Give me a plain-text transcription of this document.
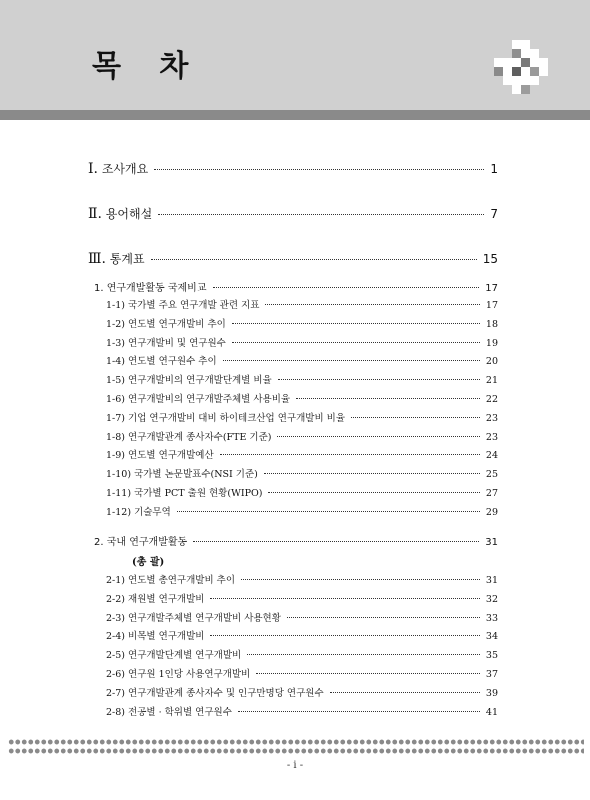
목 차
Ⅰ. 조사개요	1
Ⅱ. 용어해설	7
Ⅲ. 통계표	15
1. 연구개발활동 국제비교	17
1-1) 국가별 주요 연구개발 관련 지표	17
1-2) 연도별 연구개발비 추이	18
1-3) 연구개발비 및 연구원수	19
1-4) 연도별 연구원수 추이	20
1-5) 연구개발비의 연구개발단계별 비율	21
1-6) 연구개발비의 연구개발주체별 사용비율	22
1-7) 기업 연구개발비 대비 하이테크산업 연구개발비 비율	23
1-8) 연구개발관계 종사자수(FTE 기준)	23
1-9) 연도별 연구개발예산	24
1-10) 국가별 논문발표수(NSI 기준)	25
1-11) 국가별 PCT 출원 현황(WIPO)	27
1-12) 기술무역	29
2. 국내 연구개발활동	31
(총 괄)
2-1) 연도별 총연구개발비 추이	31
2-2) 재원별 연구개발비	32
2-3) 연구개발주체별 연구개발비 사용현황	33
2-4) 비목별 연구개발비	34
2-5) 연구개발단계별 연구개발비	35
2-6) 연구원 1인당 사용연구개발비	37
2-7) 연구개발관계 종사자수 및 인구만명당 연구원수	39
2-8) 전공별 · 학위별 연구원수	41
- i -
